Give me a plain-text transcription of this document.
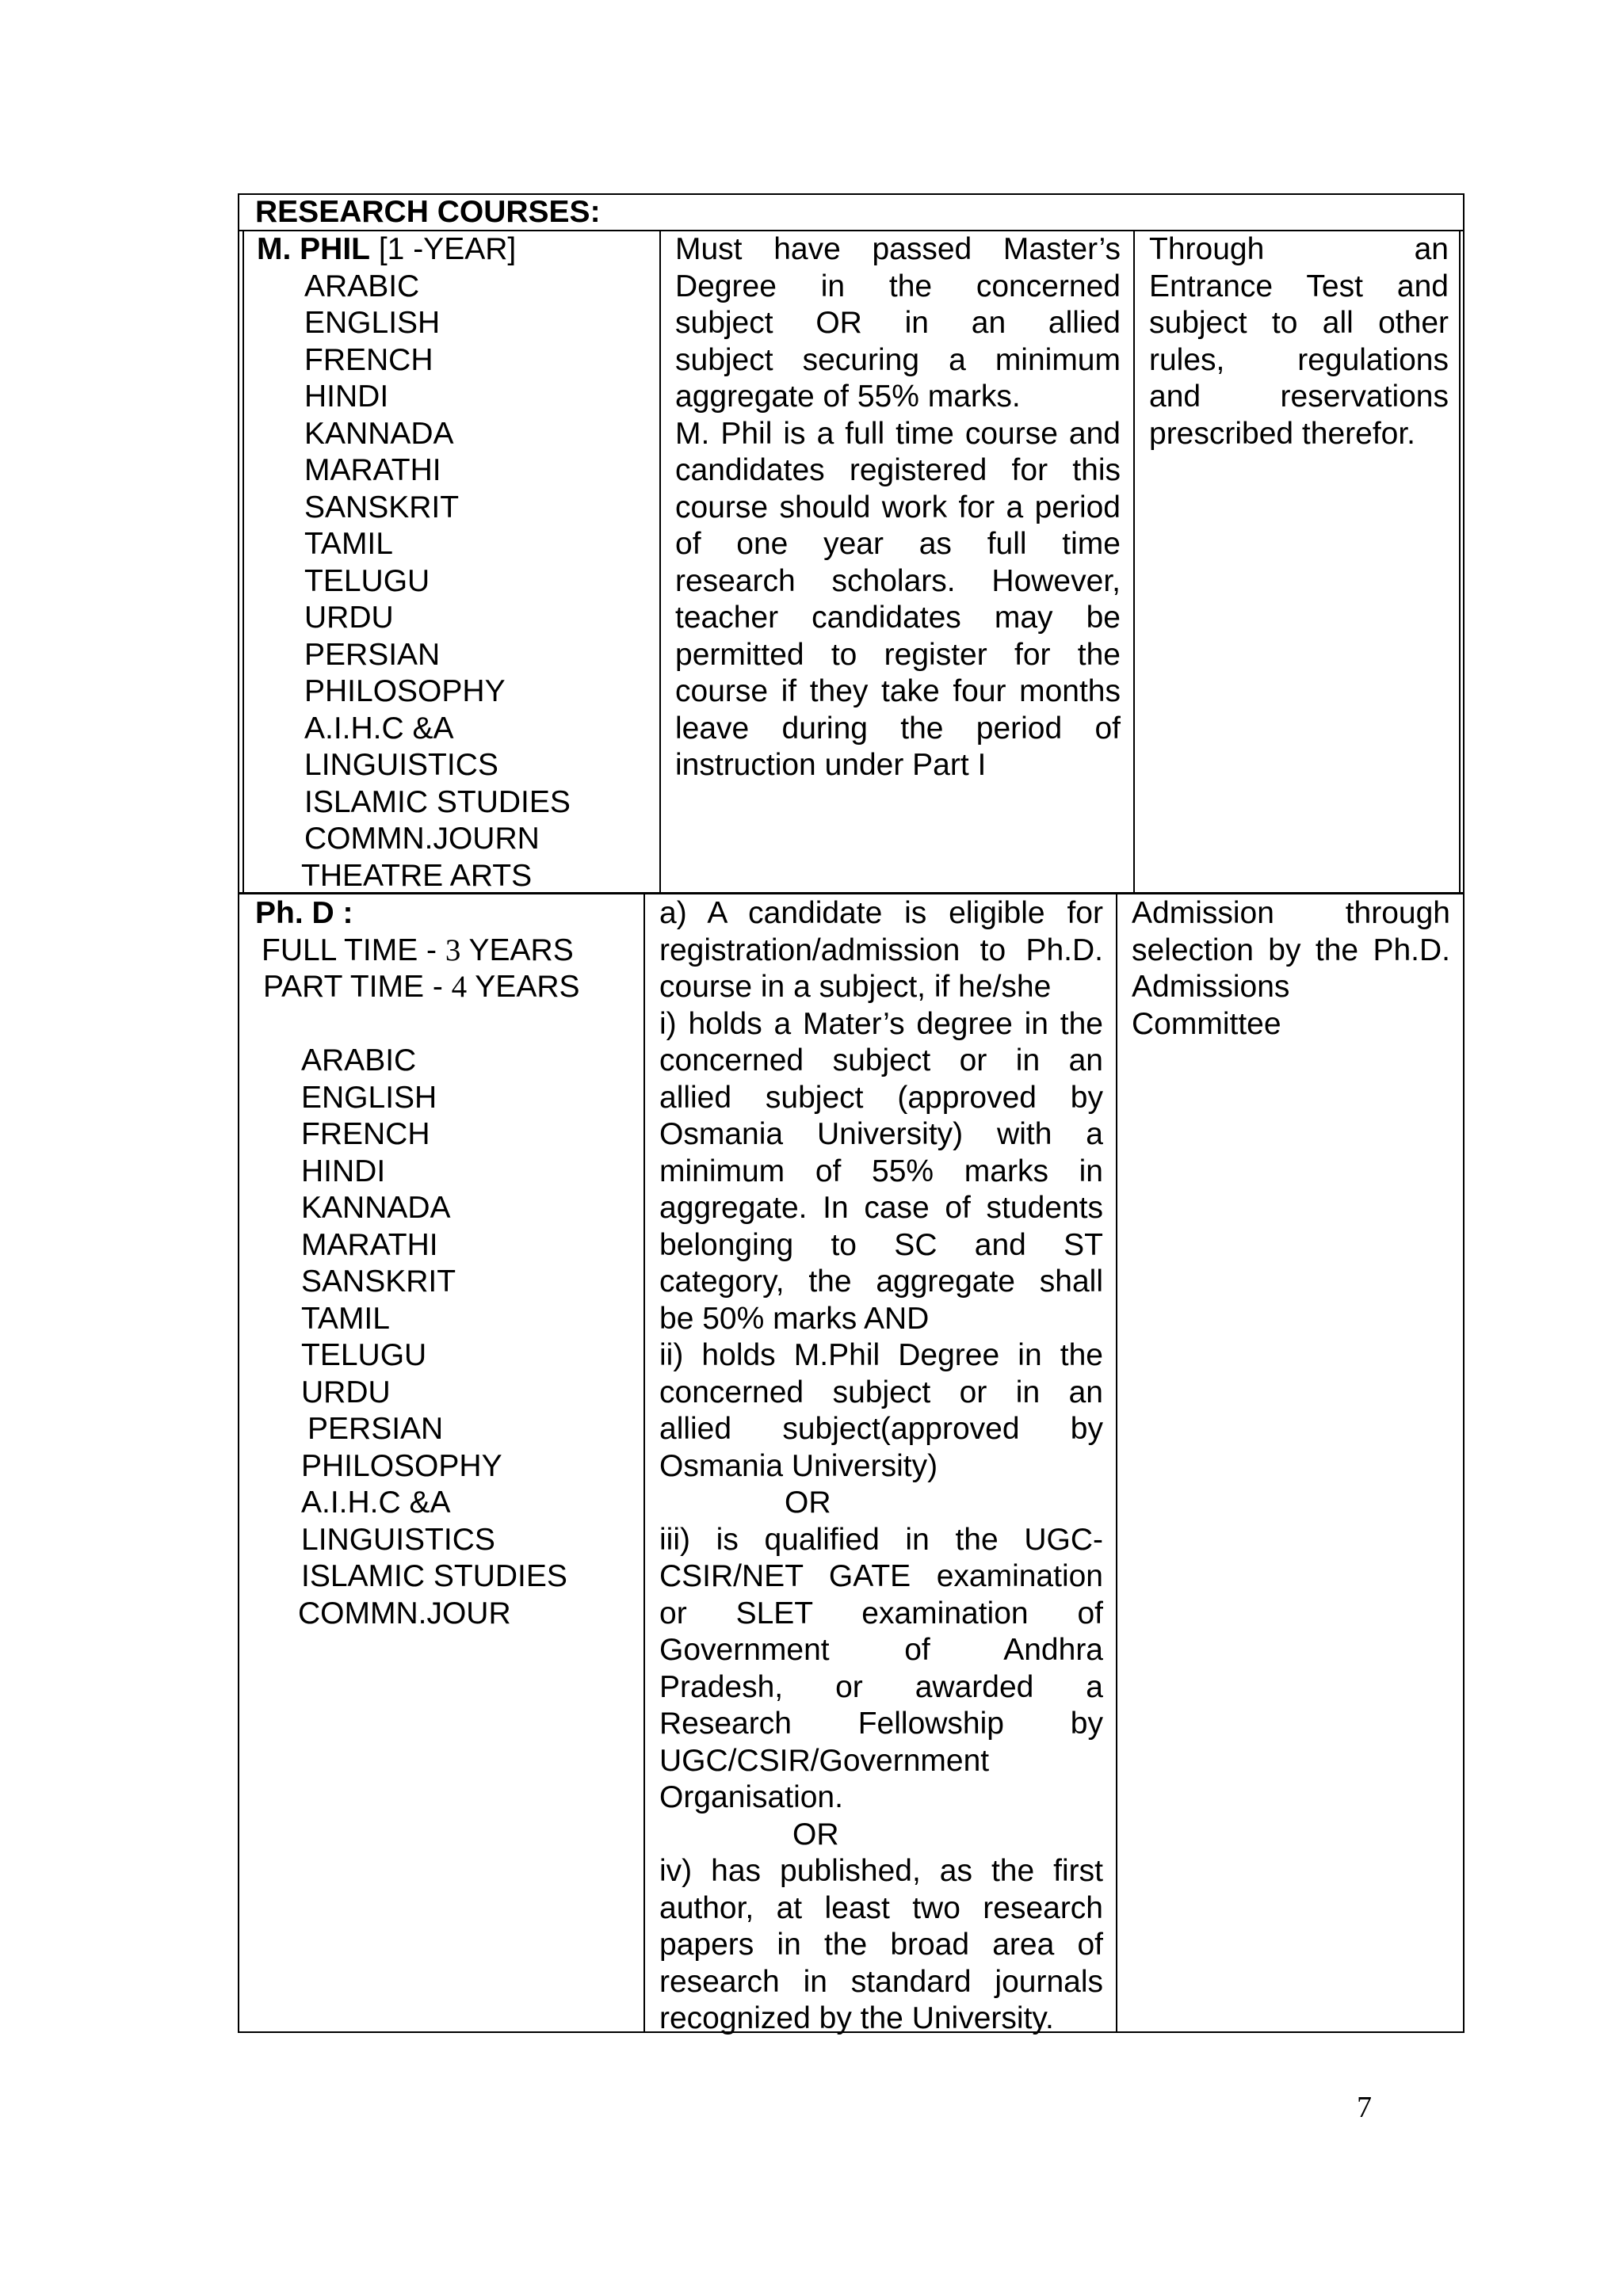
RESEARCH COURSES:
M. PHIL [1 -YEAR]
ARABIC
ENGLISH
FRENCH
HINDI
KANNADA
MARATHI
SANSKRIT
TAMIL
TELUGU
URDU
PERSIAN
PHILOSOPHY
A.I.H.C &A
LINGUISTICS
ISLAMIC STUDIES
COMMN.JOURN
THEATRE ARTS
Must have passed Master’s
Degree in the concerned
subject OR in an allied
subject securing a minimum
aggregate of 55% marks.
M. Phil is a full time course and
candidates registered for this
course should work for a period
of one year as full time
research scholars. However,
teacher candidates may be
permitted to register for the
course if they take four months
leave during the period of
instruction under Part I
Through an
Entrance Test and
subject to all other
rules, regulations
and reservations
prescribed therefor.
Ph. D :
FULL TIME - 3 YEARS
PART TIME - 4 YEARS
ARABIC
ENGLISH
FRENCH
HINDI
KANNADA
MARATHI
SANSKRIT
TAMIL
TELUGU
URDU
PERSIAN
PHILOSOPHY
A.I.H.C &A
LINGUISTICS
ISLAMIC STUDIES
COMMN.JOUR
a) A candidate is eligible for
registration/admission to Ph.D.
course in a subject, if he/she
i) holds a Mater’s degree in the
concerned subject or in an
allied subject (approved by
Osmania University) with a
minimum of 55% marks in
aggregate. In case of students
belonging to SC and ST
category, the aggregate shall
be 50% marks AND
ii) holds M.Phil Degree in the
concerned subject or in an
allied subject(approved by
Osmania University)
OR
iii) is qualified in the UGC-
CSIR/NET GATE examination
or SLET examination of
Government of Andhra
Pradesh, or awarded a
Research Fellowship by
UGC/CSIR/Government
Organisation.
OR
iv) has published, as the first
author, at least two research
papers in the broad area of
research in standard journals
recognized by the University.
Admission through
selection by the Ph.D.
Admissions
Committee
7
